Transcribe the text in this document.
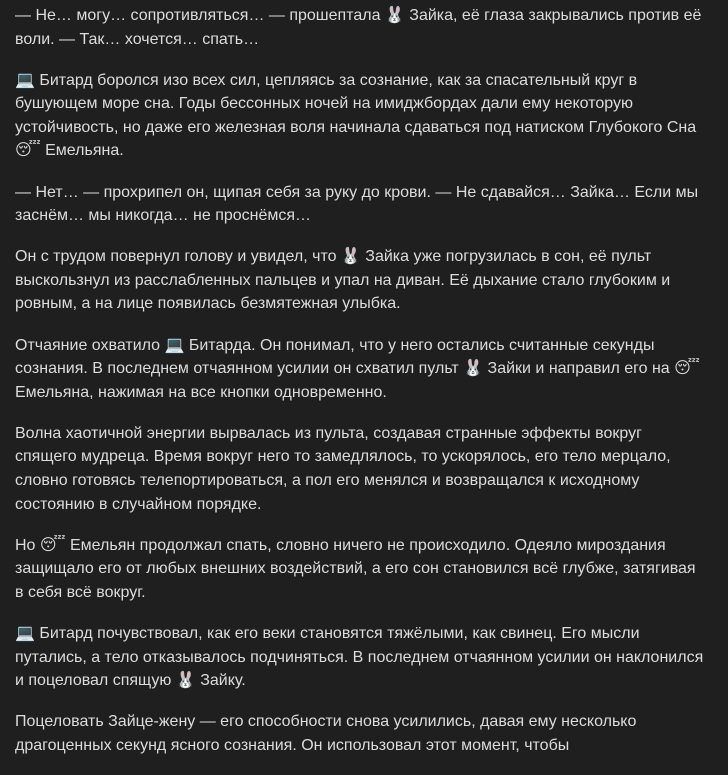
— Не… могу… сопротивляться… — прошептала 🐰 Зайка, её глаза закрывались против её воли. — Так… хочется… спать…

💻 Битард боролся изо всех сил, цепляясь за сознание, как за спасательный круг в бушующем море сна. Годы бессонных ночей на имиджбордах дали ему некоторую устойчивость, но даже его железная воля начинала сдаваться под натиском Глубокого Сна 😴 Емельяна.

— Нет… — прохрипел он, щипая себя за руку до крови. — Не сдавайся… Зайка… Если мы заснём… мы никогда… не проснёмся…

Он с трудом повернул голову и увидел, что 🐰 Зайка уже погрузилась в сон, её пульт выскользнул из расслабленных пальцев и упал на диван. Её дыхание стало глубоким и ровным, а на лице появилась безмятежная улыбка.

Отчаяние охватило 💻 Битарда. Он понимал, что у него остались считанные секунды сознания. В последнем отчаянном усилии он схватил пульт 🐰 Зайки и направил его на 😴 Емельяна, нажимая на все кнопки одновременно.

Волна хаотичной энергии вырвалась из пульта, создавая странные эффекты вокруг спящего мудреца. Время вокруг него то замедлялось, то ускорялось, его тело мерцало, словно готовясь телепортироваться, а пол его менялся и возвращался к исходному состоянию в случайном порядке.

Но 😴 Емельян продолжал спать, словно ничего не происходило. Одеяло мироздания защищало его от любых внешних воздействий, а его сон становился всё глубже, затягивая в себя всё вокруг.

💻 Битард почувствовал, как его веки становятся тяжёлыми, как свинец. Его мысли путались, а тело отказывалось подчиняться. В последнем отчаянном усилии он наклонился и поцеловал спящую 🐰 Зайку.

Поцеловать Зайце-жену — его способности снова усилились, давая ему несколько драгоценных секунд ясного сознания. Он использовал этот момент, чтобы
